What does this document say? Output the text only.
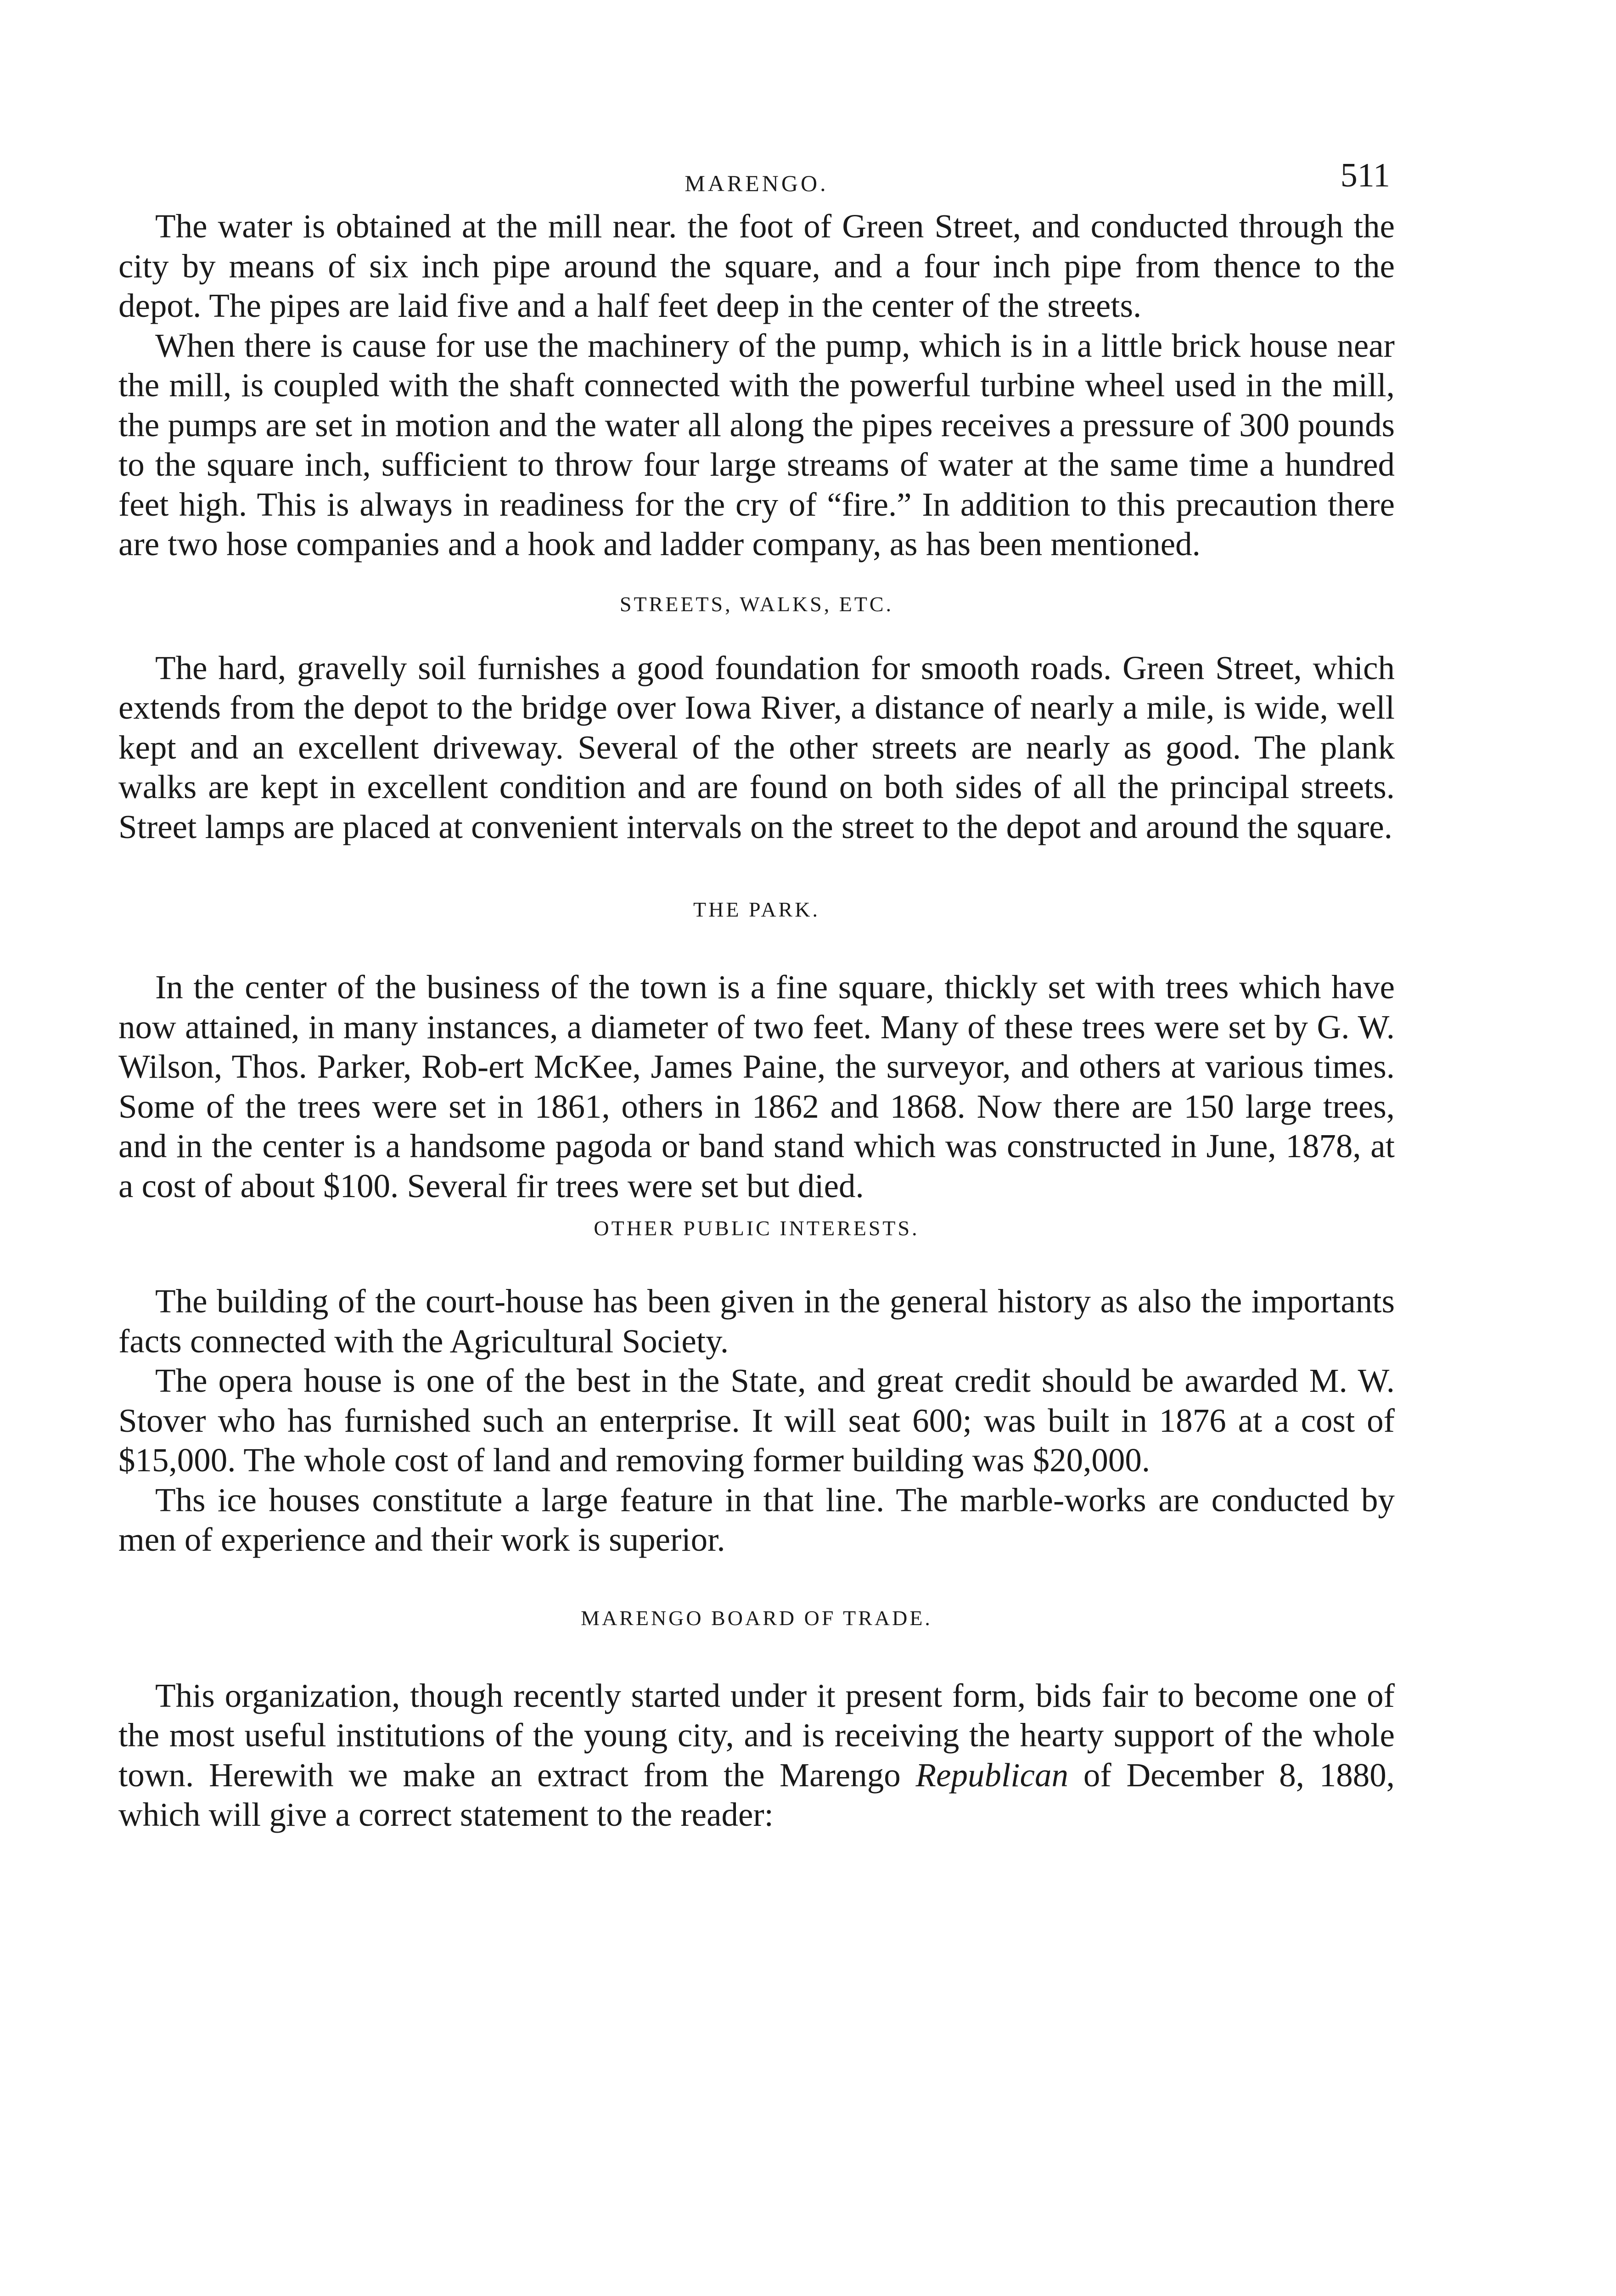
MARENGO.	511

The water is obtained at the mill near. the foot of Green Street, and conducted through the city by means of six inch pipe around the square, and a four inch pipe from thence to the depot. The pipes are laid five and a half feet deep in the center of the streets.

When there is cause for use the machinery of the pump, which is in a little brick house near the mill, is coupled with the shaft connected with the powerful turbine wheel used in the mill, the pumps are set in motion and the water all along the pipes receives a pressure of 300 pounds to the square inch, sufficient to throw four large streams of water at the same time a hundred feet high. This is always in readiness for the cry of “fire.” In addition to this precaution there are two hose companies and a hook and ladder company, as has been mentioned.

STREETS, WALKS, ETC.

The hard, gravelly soil furnishes a good foundation for smooth roads. Green Street, which extends from the depot to the bridge over Iowa River, a distance of nearly a mile, is wide, well kept and an excellent driveway. Several of the other streets are nearly as good. The plank walks are kept in excellent condition and are found on both sides of all the principal streets. Street lamps are placed at convenient intervals on the street to the depot and around the square.

THE PARK.

In the center of the business of the town is a fine square, thickly set with trees which have now attained, in many instances, a diameter of two feet. Many of these trees were set by G. W. Wilson, Thos. Parker, Rob-ert McKee, James Paine, the surveyor, and others at various times. Some of the trees were set in 1861, others in 1862 and 1868. Now there are 150 large trees, and in the center is a handsome pagoda or band stand which was constructed in June, 1878, at a cost of about $100. Several fir trees were set but died.

OTHER PUBLIC INTERESTS.

The building of the court-house has been given in the general history as also the importants facts connected with the Agricultural Society.

The opera house is one of the best in the State, and great credit should be awarded M. W. Stover who has furnished such an enterprise. It will seat 600; was built in 1876 at a cost of $15,000. The whole cost of land and removing former building was $20,000.

Ths ice houses constitute a large feature in that line. The marble-works are conducted by men of experience and their work is superior.

MARENGO BOARD OF TRADE.

This organization, though recently started under it present form, bids fair to become one of the most useful institutions of the young city, and is receiving the hearty support of the whole town. Herewith we make an extract from the Marengo Republican of December 8, 1880, which will give a correct statement to the reader:
